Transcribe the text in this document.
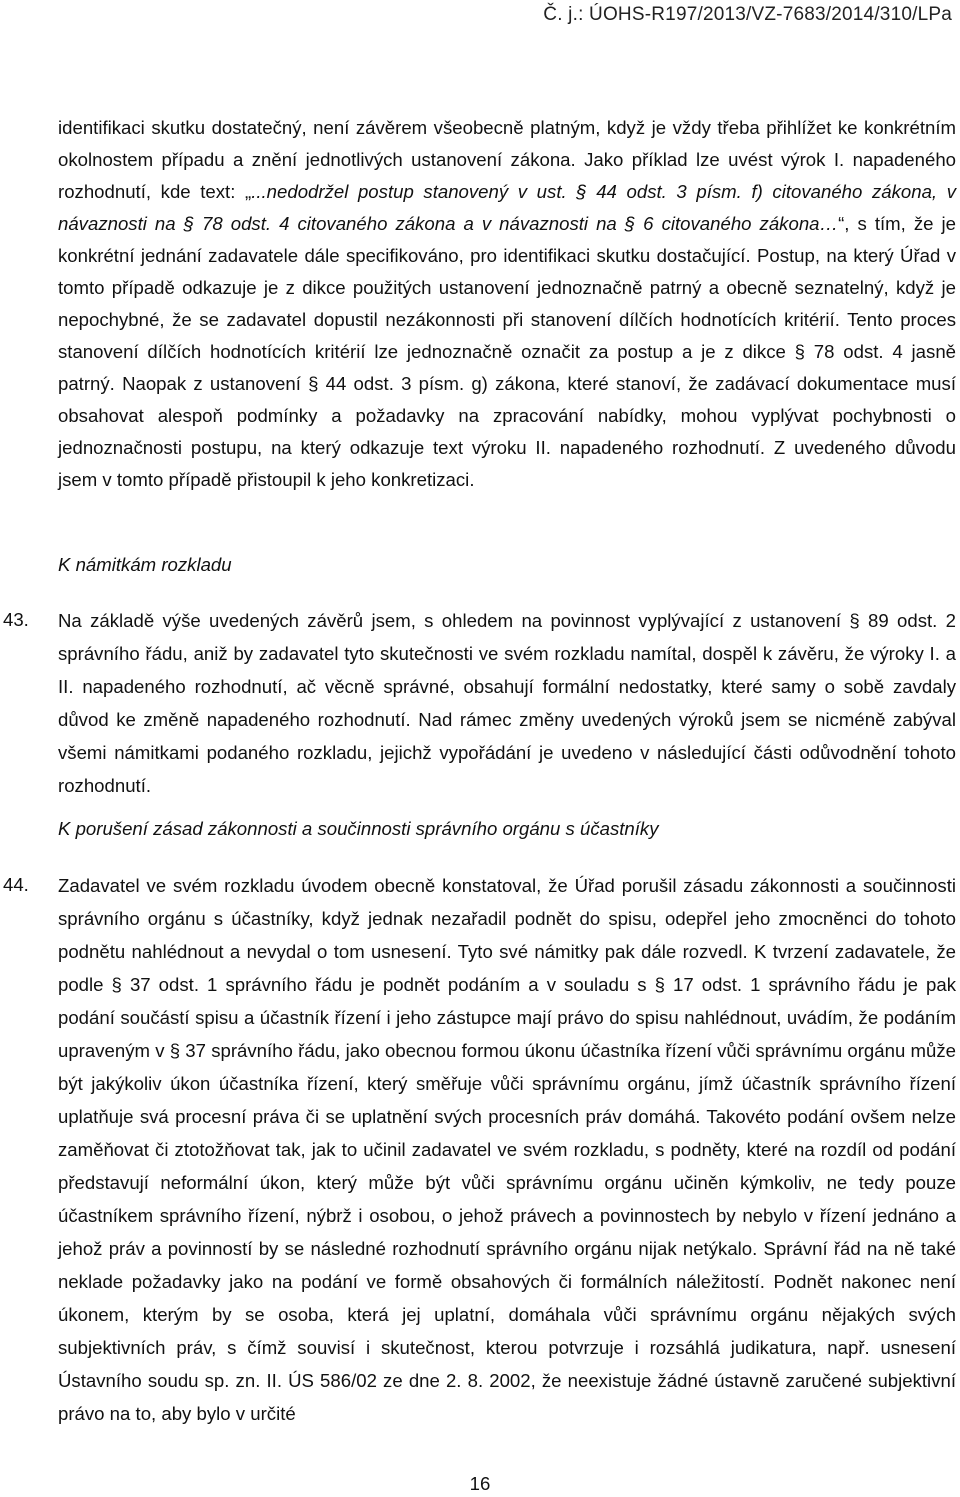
Č. j.: ÚOHS-R197/2013/VZ-7683/2014/310/LPa
identifikaci skutku dostatečný, není závěrem všeobecně platným, když je vždy třeba přihlížet ke konkrétním okolnostem případu a znění jednotlivých ustanovení zákona. Jako příklad lze uvést výrok I. napadeného rozhodnutí, kde text: „...nedodržel postup stanovený v ust. § 44 odst. 3 písm. f) citovaného zákona, v návaznosti na § 78 odst. 4 citovaného zákona a v návaznosti na § 6 citovaného zákona…“, s tím, že je konkrétní jednání zadavatele dále specifikováno, pro identifikaci skutku dostačující. Postup, na který Úřad v tomto případě odkazuje je z dikce použitých ustanovení jednoznačně patrný a obecně seznatelný, když je nepochybné, že se zadavatel dopustil nezákonnosti při stanovení dílčích hodnotících kritérií. Tento proces stanovení dílčích hodnotících kritérií lze jednoznačně označit za postup a je z dikce § 78 odst. 4 jasně patrný. Naopak z ustanovení § 44 odst. 3 písm. g) zákona, které stanoví, že zadávací dokumentace musí obsahovat alespoň podmínky a požadavky na zpracování nabídky, mohou vyplývat pochybnosti o jednoznačnosti postupu, na který odkazuje text výroku II. napadeného rozhodnutí. Z uvedeného důvodu jsem v tomto případě přistoupil k jeho konkretizaci.
K námitkám rozkladu
43. Na základě výše uvedených závěrů jsem, s ohledem na povinnost vyplývající z ustanovení § 89 odst. 2 správního řádu, aniž by zadavatel tyto skutečnosti ve svém rozkladu namítal, dospěl k závěru, že výroky I. a II. napadeného rozhodnutí, ač věcně správné, obsahují formální nedostatky, které samy o sobě zavdaly důvod ke změně napadeného rozhodnutí. Nad rámec změny uvedených výroků jsem se nicméně zabýval všemi námitkami podaného rozkladu, jejichž vypořádání je uvedeno v následující části odůvodnění tohoto rozhodnutí.
K porušení zásad zákonnosti a součinnosti správního orgánu s účastníky
44. Zadavatel ve svém rozkladu úvodem obecně konstatoval, že Úřad porušil zásadu zákonnosti a součinnosti správního orgánu s účastníky, když jednak nezařadil podnět do spisu, odepřel jeho zmocněnci do tohoto podnětu nahlédnout a nevydal o tom usnesení. Tyto své námitky pak dále rozvedl. K tvrzení zadavatele, že podle § 37 odst. 1 správního řádu je podnět podáním a v souladu s § 17 odst. 1 správního řádu je pak podání součástí spisu a účastník řízení i jeho zástupce mají právo do spisu nahlédnout, uvádím, že podáním upraveným v § 37 správního řádu, jako obecnou formou úkonu účastníka řízení vůči správnímu orgánu může být jakýkoliv úkon účastníka řízení, který směřuje vůči správnímu orgánu, jímž účastník správního řízení uplatňuje svá procesní práva či se uplatnění svých procesních práv domáhá. Takovéto podání ovšem nelze zaměňovat či ztotožňovat tak, jak to učinil zadavatel ve svém rozkladu, s podněty, které na rozdíl od podání představují neformální úkon, který může být vůči správnímu orgánu učiněn kýmkoliv, ne tedy pouze účastníkem správního řízení, nýbrž i osobou, o jehož právech a povinnostech by nebylo v řízení jednáno a jehož práv a povinností by se následné rozhodnutí správního orgánu nijak netýkalo. Správní řád na ně také neklade požadavky jako na podání ve formě obsahových či formálních náležitostí. Podnět nakonec není úkonem, kterým by se osoba, která jej uplatní, domáhala vůči správnímu orgánu nějakých svých subjektivních práv, s čímž souvisí i skutečnost, kterou potvrzuje i rozsáhlá judikatura, např. usnesení Ústavního soudu sp. zn. II. ÚS 586/02 ze dne 2. 8. 2002, že neexistuje žádné ústavně zaručené subjektivní právo na to, aby bylo v určité
16
